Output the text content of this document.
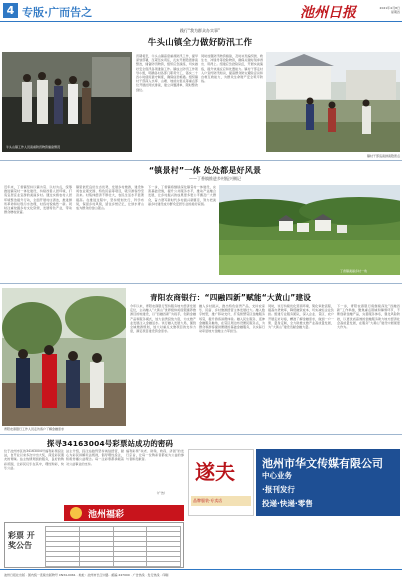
4 专版·广而告之	池州日报	2021年4月8日
星期四
践行“我为群众办实事”
牛头山镇全力做好防汛工作
牛头山镇工作人员查看防汛物资储备情况
汛期将至，牛头山镇高度重视防汛工作，提早谋划部署，压紧压实责任，扎实开展隐患排查整治，储备防汛物资，组织应急演练，切实做好安全度汛各项准备工作。镇成立防汛工作领导小组，明确各村各部门职责分工，落实二十四小时值班值守制度，确保信息畅通。组织镇村干部深入水库、山塘、地质灾害点等重点部位开展拉网式排查，建立问题清单，限时整改到位。
同时加强防汛物资储备，及时补充编织袋、救生衣、冲锋舟等抢险物资，确保关键时刻拿得出、用得上。组建应急抢险队伍，开展实战演练，提升快速反应和处置能力。镇村干部走村入户宣传防汛知识，提高群众防灾避险意识和自救互救能力，为群众生命财产安全筑牢防线。
镇村干部巡查排查隐患点
“镇景村”一体 处处都是好风景
——丁香镇推进乡村振兴侧记
近年来，丁香镇坚持以镇为景、以村为点，统筹推进镇景村一体化建设，持续改善人居环境，打造宜居宜业宜游的美丽乡村。通过实施农村人居环境整治提升行动，全面开展村庄清洁，推进厕所革命和垃圾污水治理，村容村貌焕然一新。同时注重挖掘乡村文化资源，发展特色产业，带动群众增收致富。
镇里依托良好生态优势，发展乡村旅游，建设休闲农业观光园、特色民宿等项目，吸引游客纷至沓来。村集体经济不断壮大，农民生活水平显著提高。在推进过程中，坚持规划先行，科学布局，保留乡村风貌，留住乡愁记忆，让绿水青山成为群众的金山银山。
下一步，丁香镇将继续深化镇景村一体建设，完善基础设施，提升公共服务水平，推动产业融合发展，让乡村振兴的成果更多更公平惠及广大群众，奋力谱写新时代乡村振兴新篇章，努力把美丽乡村建设成为群众安居乐业的美好家园。
丁香镇美丽乡村一角
青阳农商银行工作人员走访客户了解金融需求
青阳农商银行：“四融四新”赋能“大黄山”建设
今年以来，青阳农商银行坚持服务地方经济发展定位，主动融入“大黄山”世界级休闲度假康养旅游目的地建设，以“四融四新”为抓手，创新金融产品和服务模式，加大信贷投放力度，为文旅产业发展注入金融活水。该行融入发展大局，围绕全域旅游规划，加大对重点文旅项目的支持力度，满足项目建设资金需求。
融入乡村振兴，推出特色信贷产品，支持农家乐、民宿、乡村旅游经营主体发展壮大。融入数字转型，推广移动支付，打造智慧景区金融服务场景，提升游客消费体验。融入民生服务，延伸金融服务触角，在景区周边布设便民服务点，为群众和游客提供便捷的基础金融服务，以实际行动彰显地方金融主力军担当。
同时，该行持续优化营商环境，简化审批流程，提高办贷效率，降低融资成本，切实减轻企业负担。组建专业服务团队，深入企业、景区、农户开展走访对接，精准了解金融需求，做到一户一策、量身定制，全力助推文旅产业高质量发展，为“大黄山”建设贡献金融力量。
下一步，青阳农商银行将继续深化“四融四新”工作举措，聚焦重点领域和薄弱环节，不断创新金融产品，完善服务体系，强化风险防控，以更优质高效的金融服务助力地方经济社会高质量发展，在服务“大黄山”建设中展现更大作为。
探寻34163004号彩票站成功的密码
位于池州市区的34163004号福利彩票投注站，自开业以来多次中出大奖，深受彩民朋友的青睐。站主热情周到的服务，良好的购彩氛围，让彩民们乐在其中，理性购彩，快乐公益。
站主介绍，投注站始终坚持诚信经营，耐心为彩民讲解玩法规则，倡导理性投注，积极传播公益理念。每一注彩票都承载着对公益事业的支持。
福利彩票“扶老、助残、救孤、济困”的发行宗旨，让每一位购彩者都成为公益的参与者和贡献者。
（广告）
池州福彩
彩票 开奖公告

遂夫
品牌服装·专卖店
池州市华文传媒有限公司
中心业务
·报刊发行
投递·快递·零售
池州日报社出版 · 国内统一连续出版物号 CN34-0061 · 地址：池州市长江中路 · 邮编 247000 · 广告热线 · 发行热线 · 印刷
